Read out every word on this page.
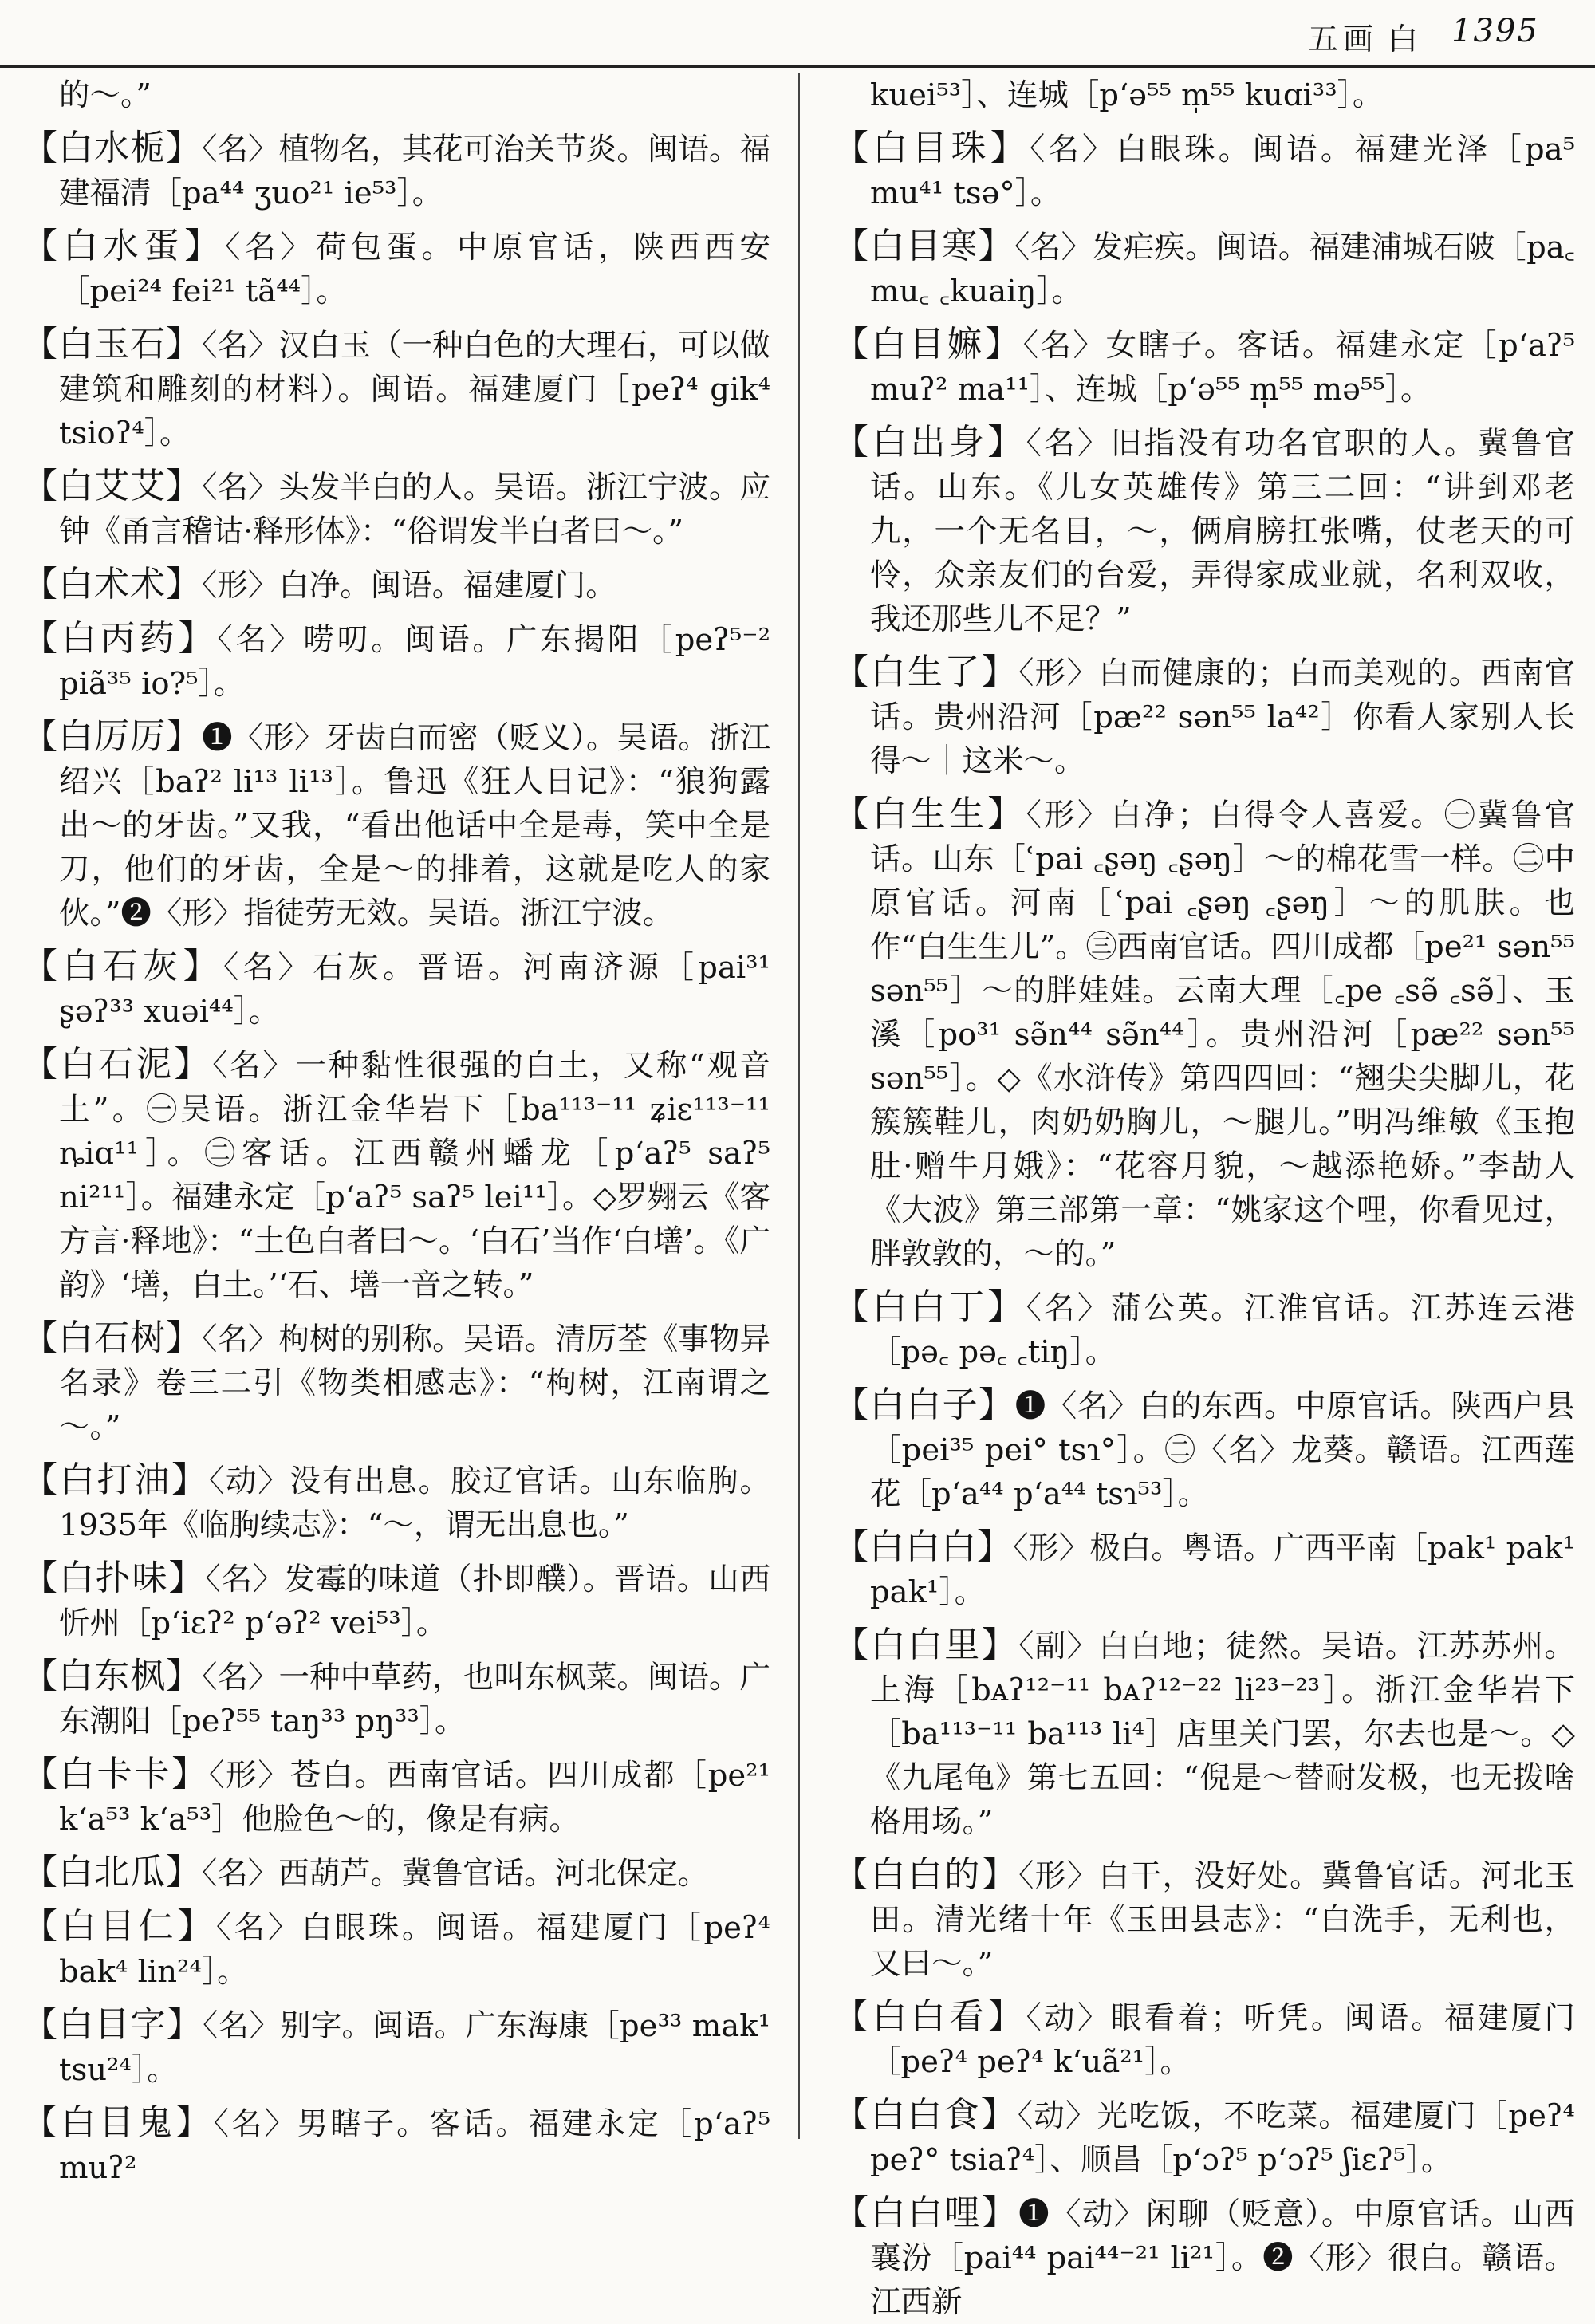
五画 白 1395

的～。”

【白水栀】〈名〉植物名，其花可治关节炎。闽语。福建福清［pa⁴⁴ ʒuo²¹ ie⁵³］。

【白水蛋】〈名〉荷包蛋。中原官话，陕西西安［pei²⁴ fei²¹ tã⁴⁴］。

【白玉石】〈名〉汉白玉（一种白色的大理石，可以做建筑和雕刻的材料）。闽语。福建厦门［peʔ⁴ gik⁴ tsioʔ⁴］。

【白艾艾】〈名〉头发半白的人。吴语。浙江宁波。应钟《甬言稽诂·释形体》：“俗谓发半白者曰～。”

【白术术】〈形〉白净。闽语。福建厦门。

【白丙药】〈名〉唠叨。闽语。广东揭阳［peʔ⁵⁻² piã³⁵ io?⁵］。

【白厉厉】❶〈形〉牙齿白而密（贬义）。吴语。浙江绍兴［baʔ² li¹³ li¹³］。鲁迅《狂人日记》：“狼狗露出～的牙齿。”又我，“看出他话中全是毒，笑中全是刀，他们的牙齿，全是～的排着，这就是吃人的家伙。”❷〈形〉指徒劳无效。吴语。浙江宁波。

【白石灰】〈名〉石灰。晋语。河南济源［pai³¹ ʂəʔ³³ xuəi⁴⁴］。

【白石泥】〈名〉一种黏性很强的白土，又称“观音土”。㊀吴语。浙江金华岩下［ba¹¹³⁻¹¹ ʑiɛ¹¹³⁻¹¹ ȵiɑ¹¹］。㊁客话。江西赣州蟠龙［p‘aʔ⁵ saʔ⁵ ni²¹¹］。福建永定［p‘aʔ⁵ saʔ⁵ lei¹¹］。◇罗翙云《客方言·释地》：“土色白者曰～。‘白石’当作‘白墡’。《广韵》‘墡，白土。’‘石、墡一音之转。”

【白石树】〈名〉枸树的别称。吴语。清厉荃《事物异名录》卷三二引《物类相感志》：“枸树，江南谓之～。”

【白打油】〈动〉没有出息。胶辽官话。山东临朐。1935年《临朐续志》：“～，谓无出息也。”

【白扑味】〈名〉发霉的味道（扑即醭）。晋语。山西忻州［p‘iɛʔ² p‘əʔ² vei⁵³］。

【白东枫】〈名〉一种中草药，也叫东枫菜。闽语。广东潮阳［peʔ⁵⁵ taŋ³³ pŋ³³］。

【白卡卡】〈形〉苍白。西南官话。四川成都［pe²¹ k‘a⁵³ k‘a⁵³］他脸色～的，像是有病。

【白北瓜】〈名〉西葫芦。冀鲁官话。河北保定。

【白目仁】〈名〉白眼珠。闽语。福建厦门［peʔ⁴ bak⁴ lin²⁴］。

【白目字】〈名〉别字。闽语。广东海康［pe³³ mak¹ tsu²⁴］。

【白目鬼】〈名〉男瞎子。客话。福建永定［p‘aʔ⁵ muʔ²

kuei⁵³］、连城［p‘ə⁵⁵ m̩⁵⁵ kuɑi³³］。

【白目珠】〈名〉白眼珠。闽语。福建光泽［pa⁵ mu⁴¹ tsə°］。

【白目寒】〈名〉发疟疾。闽语。福建浦城石陂［pa꜀ mu꜀ ꜀kuaiŋ］。

【白目嫲】〈名〉女瞎子。客话。福建永定［p‘aʔ⁵ muʔ² ma¹¹］、连城［p‘ə⁵⁵ m̩⁵⁵ mə⁵⁵］。

【白出身】〈名〉旧指没有功名官职的人。冀鲁官话。山东。《儿女英雄传》第三二回：“讲到邓老九，一个无名目，～，俩肩膀扛张嘴，仗老天的可怜，众亲友们的台爱，弄得家成业就，名利双收，我还那些儿不足？”

【白生了】〈形〉白而健康的；白而美观的。西南官话。贵州沿河［pæ²² sən⁵⁵ la⁴²］你看人家别人长得～｜这米～。

【白生生】〈形〉白净；白得令人喜爱。㊀冀鲁官话。山东［ʿpai ꜀ʂəŋ ꜀ʂəŋ］～的棉花雪一样。㊁中原官话。河南［ʿpai ꜀ʂəŋ ꜀ʂəŋ］～的肌肤。也作“白生生儿”。㊂西南官话。四川成都［pe²¹ sən⁵⁵ sən⁵⁵］～的胖娃娃。云南大理［꜀pe ꜀sə̃ ꜀sə̃］、玉溪［po³¹ sə̃n⁴⁴ sə̃n⁴⁴］。贵州沿河［pæ²² sən⁵⁵ sən⁵⁵］。◇《水浒传》第四四回：“翘尖尖脚儿，花簇簇鞋儿，肉奶奶胸儿，～腿儿。”明冯维敏《玉抱肚·赠牛月娥》：“花容月貌，～越添艳娇。”李劼人《大波》第三部第一章：“姚家这个哩，你看见过，胖敦敦的，～的。”

【白白丁】〈名〉蒲公英。江淮官话。江苏连云港［pə꜀ pə꜀ ꜀tiŋ］。

【白白子】❶〈名〉白的东西。中原官话。陕西户县［pei³⁵ pei° tsɿ°］。㊁〈名〉龙葵。赣语。江西莲花［p‘a⁴⁴ p‘a⁴⁴ tsɿ⁵³］。

【白白白】〈形〉极白。粤语。广西平南［pak¹ pak¹ pak¹］。

【白白里】〈副〉白白地；徒然。吴语。江苏苏州。上海［bᴀʔ¹²⁻¹¹ bᴀʔ¹²⁻²² li²³⁻²³］。浙江金华岩下［ba¹¹³⁻¹¹ ba¹¹³ li⁴］店里关门罢，尔去也是～。◇《九尾龟》第七五回：“倪是～替耐发极，也无拨啥格用场。”

【白白的】〈形〉白干，没好处。冀鲁官话。河北玉田。清光绪十年《玉田县志》：“白洗手，无利也，又曰～。”

【白白看】〈动〉眼看着；听凭。闽语。福建厦门［peʔ⁴ peʔ⁴ k‘uã²¹］。

【白白食】〈动〉光吃饭，不吃菜。福建厦门［peʔ⁴ peʔ° tsiaʔ⁴］、顺昌［p‘ɔʔ⁵ p‘ɔʔ⁵ ʃiɛʔ⁵］。

【白白哩】❶〈动〉闲聊（贬意）。中原官话。山西襄汾［pai⁴⁴ pai⁴⁴⁻²¹ li²¹］。❷〈形〉很白。赣语。江西新
